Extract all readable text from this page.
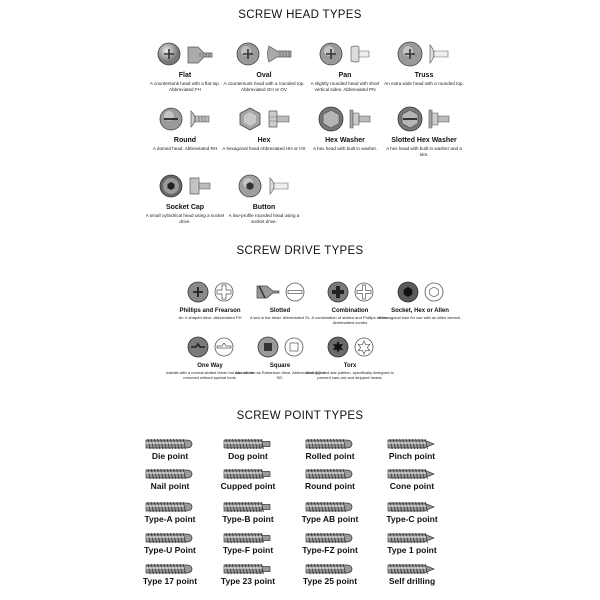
SCREW HEAD TYPES
Flat
A countersunk head with a flat top. Abbreviated FH
Oval
A countersunk head with a rounded top. Abbreviated OH or OV
Pan
A slightly rounded head with short vertical sides. Abbreviated PN
Truss
An extra wide head with a rounded top.
Round
A domed head. Abbreviated RH
Hex
A hexagonal head Abbreviated HH or HX
Hex Washer
A hex head with built in washer.
Slotted Hex Washer
A hex head with built in washer and a slot.
Socket Cap
A small cylindrical head using a socket drive.
Button
A low-profile rounded head using a socket drive.
SCREW DRIVE TYPES
Phillips and Frearson
An X-shaped drive. Abbreviated PH
Slotted
A slot in the head. Abbreviated SL
Combination
A combination of slotted and Phillips drives. Abbreviated combo
Socket, Hex or Allen
A hexagonal hole for use with an Allen wrench.
One Way
Installs with a normal slotted driver but can not be removed without special tools.
Square
Also known as Robertson drive. Abbreviated SQ or SD.
Torx
A six-pointed star pattern, specifically designed to prevent cam-out and stripped heads.
SCREW POINT TYPES
Die point	Dog point	Rolled point	Pinch point
Nail point	Cupped point	Round point	Cone point
Type-A point	Type-B point	Type AB point	Type-C point
Type-U Point	Type-F point	Type-FZ point	Type 1 point
Type 17 point	Type 23 point	Type 25 point	Self drilling
